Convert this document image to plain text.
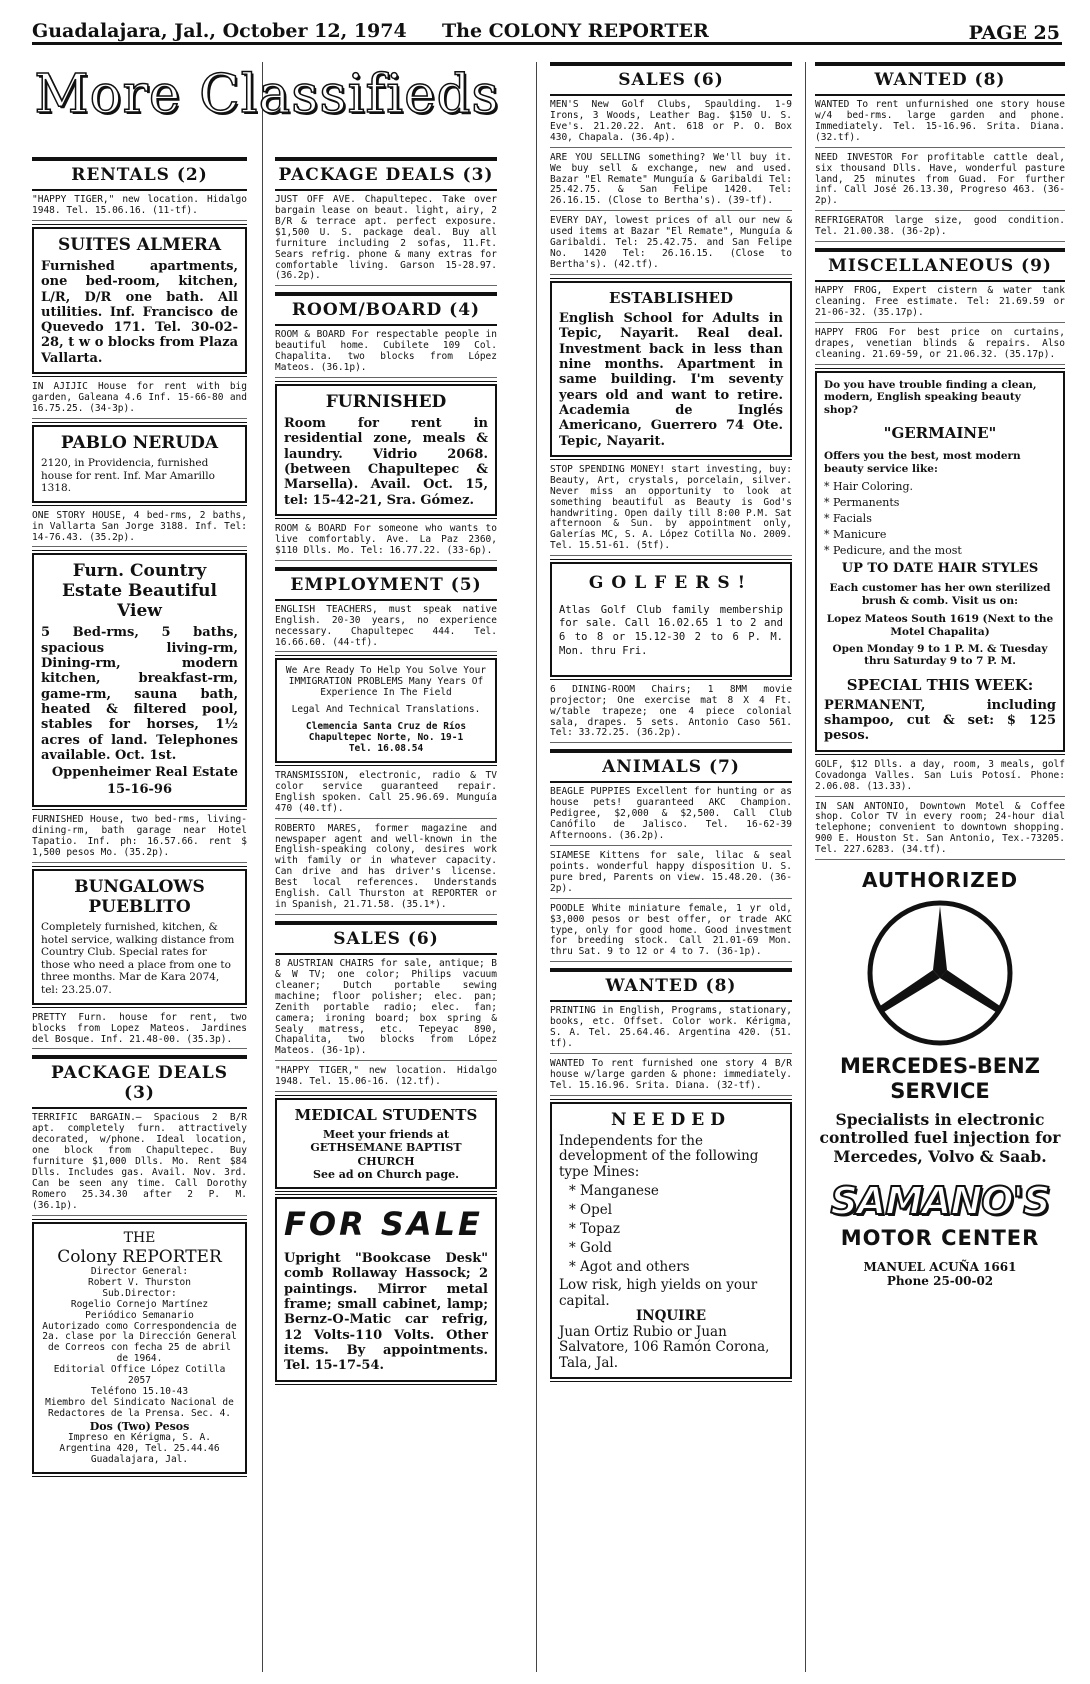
Guadalajara, Jal., October 12, 1974 The COLONY REPORTER	PAGE 25
More Classifieds
RENTALS (2)

"HAPPY TIGER," new location. Hidalgo 1948. Tel. 15.06.16. (11-tf).

SUITES ALMERA

Furnished apartments, one bed-room, kitchen, L/R, D/R one bath. All utilities. Inf. Francisco de Quevedo 171. Tel. 30-02-28, t w o blocks from Plaza Vallarta.

IN AJIJIC House for rent with big garden, Galeana 4.6 Inf. 15-66-80 and 16.75.25. (34-3p).

PABLO NERUDA

2120, in Providencia, furnished house for rent. Inf. Mar Amarillo 1318.

ONE STORY HOUSE, 4 bed-rms, 2 baths, in Vallarta San Jorge 3188. Inf. Tel: 14-76.43. (35.2p).

Furn. Country Estate Beautiful View

5 Bed-rms, 5 baths, spacious living-rm, Dining-rm, modern kitchen, breakfast-rm, game-rm, sauna bath, heated & filtered pool, stables for horses, 1½ acres of land. Telephones available. Oct. 1st.

Oppenheimer Real Estate

15-16-96

FURNISHED House, two bed-rms, living-dining-rm, bath garage near Hotel Tapatio. Inf. ph: 16.57.66. rent $ 1,500 pesos Mo. (35.2p).

BUNGALOWS PUEBLITO

Completely furnished, kitchen, & hotel service, walking distance from Country Club. Special rates for those who need a place from one to three months. Mar de Kara 2074, tel: 23.25.07.

PRETTY Furn. house for rent, two blocks from Lopez Mateos. Jardines del Bosque. Inf. 21.48-00. (35.3p).

PACKAGE DEALS (3)

TERRIFIC BARGAIN.— Spacious 2 B/R apt. completely furn. attractively decorated, w/phone. Ideal location, one block from Chapultepec. Buy furniture $1,000 Dlls. Mo. Rent $84 Dlls. Includes gas. Avail. Nov. 3rd. Can be seen any time. Call Dorothy Romero 25.34.30 after 2 P. M. (36.1p).

THE

Colony REPORTER

Director General:

Robert V. Thurston

Sub.Director:

Rogelio Cornejo Martínez

Periódico Semanario

Autorizado como Correspondencia de 2a. clase por la Dirección General de Correos con fecha 25 de abril de 1964.

Editorial Office López Cotilla 2057

Teléfono 15.10-43

Miembro del Sindicato Nacional de Redactores de la Prensa. Sec. 4.

Dos (Two) Pesos

Impreso en Kérigma, S. A. Argentina 420, Tel. 25.44.46 Guadalajara, Jal.

PACKAGE DEALS (3)

JUST OFF AVE. Chapultepec. Take over bargain lease on beaut. light, airy, 2 B/R & terrace apt. perfect exposure. $1,500 U. S. package deal. Buy all furniture including 2 sofas, 11.Ft. Sears refrig. phone & many extras for comfortable living. Garson 15-28.97. (36.2p).

ROOM/BOARD (4)

ROOM & BOARD For respectable people in beautiful home. Cubilete 109 Col. Chapalita. two blocks from López Mateos. (36.1p).

FURNISHED

Room for rent in residential zone, meals & laundry. Vidrio 2068. (between Chapultepec & Marsella). Avail. Oct. 15, tel: 15-42-21, Sra. Gómez.

ROOM & BOARD For someone who wants to live comfortably. Ave. La Paz 2360, $110 Dlls. Mo. Tel: 16.77.22. (33-6p).

EMPLOYMENT (5)

ENGLISH TEACHERS, must speak native English. 20-30 years, no experience necessary. Chapultepec 444. Tel. 16.66.60. (44-tf).

We Are Ready To Help You Solve Your IMMIGRATION PROBLEMS Many Years Of Experience In The Field

Legal And Technical Translations.

Clemencia Santa Cruz de Ríos

Chapultepec Norte, No. 19-1

Tel. 16.08.54

TRANSMISSION, electronic, radio & TV color service guaranteed repair. English spoken. Call 25.96.69. Munguía 470 (40.tf).

ROBERTO MARES, former magazine and newspaper agent and well-known in the English-speaking colony, desires work with family or in whatever capacity. Can drive and has driver's license. Best local references. Understands English. Call Thurston at REPORTER or in Spanish, 21.71.58. (35.1*).

SALES (6)

8 AUSTRIAN CHAIRS for sale, antique; B & W TV; one color; Philips vacuum cleaner; Dutch portable sewing machine; floor polisher; elec. pan; Zenith portable radio; elec. fan; camera; ironing board; box spring & Sealy matress, etc. Tepeyac 890, Chapalita, two blocks from López Mateos. (36-1p).

"HAPPY TIGER," new location. Hidalgo 1948. Tel. 15.06-16. (12.tf).

MEDICAL STUDENTS

Meet your friends at

GETHSEMANE BAPTIST CHURCH

See ad on Church page.

FOR SALE

Upright "Bookcase Desk" comb Rollaway Hassock; 2 paintings. Mirror metal frame; small cabinet, lamp; Bernz-O-Matic car refrig, 12 Volts-110 Volts. Other items. By appointments. Tel. 15-17-54.

SALES (6)

MEN'S New Golf Clubs, Spaulding. 1-9 Irons, 3 Woods, Leather Bag. $150 U. S. Eve's. 21.20.22. Ant. 618 or P. O. Box 430, Chapala. (36.4p).

ARE YOU SELLING something? We'll buy it. We buy sell & exchange, new and used. Bazar "El Remate" Munguía & Garibaldi Tel: 25.42.75. & San Felipe 1420. Tel: 26.16.15. (Close to Bertha's). (39-tf).

EVERY DAY, lowest prices of all our new & used items at Bazar "El Remate", Munguía & Garibaldi. Tel: 25.42.75. and San Felipe No. 1420 Tel: 26.16.15. (Close to Bertha's). (42.tf).

ESTABLISHED

English School for Adults in Tepic, Nayarit. Real deal. Investment back in less than nine months. Apartment in same building. I'm seventy years old and want to retire. Academia de Inglés Americano, Guerrero 74 Ote. Tepic, Nayarit.

STOP SPENDING MONEY! start investing, buy: Beauty, Art, crystals, porcelain, silver. Never miss an opportunity to look at something beautiful as Beauty is God's handwriting. Open daily till 8:00 P.M. Sat afternoon & Sun. by appointment only, Galerías MC, S. A. López Cotilla No. 2009. Tel. 15.51-61. (5tf).

GOLFERS!

Atlas Golf Club family membership for sale. Call 16.02.65 1 to 2 and 6 to 8 or 15.12-30 2 to 6 P. M. Mon. thru Fri.

6 DINING-ROOM Chairs; 1 8MM movie projector; One exercise mat 8 X 4 Ft. w/table trapeze; one 4 piece colonial sala, drapes. 5 sets. Antonio Caso 561. Tel: 33.72.25. (36.2p).

ANIMALS (7)

BEAGLE PUPPIES Excellent for hunting or as house pets! guaranteed AKC Champion. Pedigree, $2,000 & $2,500. Call Club Canófilo de Jalisco. Tel. 16-62-39 Afternoons. (36.2p).

SIAMESE Kittens for sale, lilac & seal points. wonderful happy disposition U. S. pure bred, Parents on view. 15.48.20. (36-2p).

POODLE White miniature female, 1 yr old, $3,000 pesos or best offer, or trade AKC type, only for good home. Good investment for breeding stock. Call 21.01-69 Mon. thru Sat. 9 to 12 or 4 to 7. (36-1p).

WANTED (8)

PRINTING in English, Programs, stationary, books, etc. Offset. Color work. Kérigma, S. A. Tel. 25.64.46. Argentina 420. (51. tf).

WANTED To rent furnished one story 4 B/R house w/large garden & phone: immediately. Tel. 15.16.96. Srita. Diana. (32-tf).

NEEDED

Independents for the development of the following type Mines:

* Manganese
* Opel
* Topaz
* Gold
* Agot and others

Low risk, high yields on your capital.

INQUIRE

Juan Ortiz Rubio or Juan Salvatore, 106 Ramón Corona, Tala, Jal.

WANTED (8)

WANTED To rent unfurnished one story house w/4 bed-rms. large garden and phone. Immediately. Tel. 15-16.96. Srita. Diana. (32.tf).

NEED INVESTOR For profitable cattle deal, six thousand Dlls. Have, wonderful pasture land, 25 minutes from Guad. For further inf. Call José 26.13.30, Progreso 463. (36-2p).

REFRIGERATOR large size, good condition. Tel. 21.00.38. (36-2p).

MISCELLANEOUS (9)

HAPPY FROG, Expert cistern & water tank cleaning. Free estimate. Tel: 21.69.59 or 21-06-32. (35.17p).

HAPPY FROG For best price on curtains, drapes, venetian blinds & repairs. Also cleaning. 21.69-59, or 21.06.32. (35.17p).

Do you have trouble finding a clean, modern, English speaking beauty shop?

"GERMAINE"

Offers you the best, most modern beauty service like:

* Hair Coloring.
* Permanents
* Facials
* Manicure
* Pedicure, and the most

UP TO DATE HAIR STYLES

Each customer has her own sterilized brush & comb. Visit us on:

Lopez Mateos South 1619 (Next to the Motel Chapalita)

Open Monday 9 to 1 P. M. & Tuesday thru Saturday 9 to 7 P. M.

SPECIAL THIS WEEK:

PERMANENT, including shampoo, cut & set: $ 125 pesos.

GOLF, $12 Dlls. a day, room, 3 meals, golf Covadonga Valles. San Luis Potosí. Phone: 2.06.08. (13.33).

IN SAN ANTONIO, Downtown Motel & Coffee shop. Color TV in every room; 24-hour dial telephone; convenient to downtown shopping. 900 E. Houston St. San Antonio, Tex.-73205. Tel. 227.6283. (34.tf).

AUTHORIZED
MERCEDES-BENZ SERVICE
Specialists in electronic controlled fuel injection for Mercedes, Volvo & Saab.
SAMANO'S
MOTOR CENTER

MANUEL ACUÑA 1661

Phone 25-00-02
